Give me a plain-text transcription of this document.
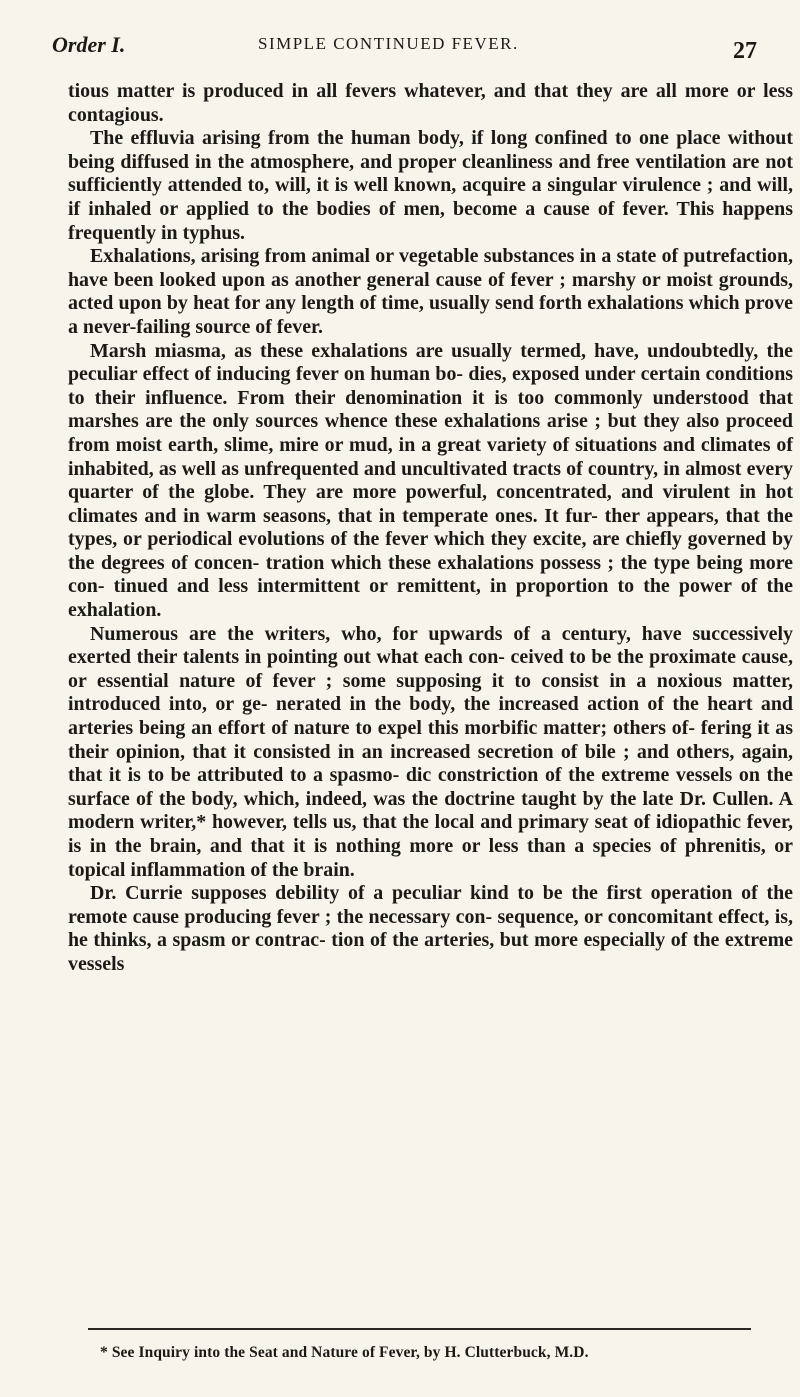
Order I.	SIMPLE CONTINUED FEVER.	27

tious matter is produced in all fevers whatever, and that they are all more or less contagious.

The effluvia arising from the human body, if long confined to one place without being diffused in the atmosphere, and proper cleanliness and free ventilation are not sufficiently attended to, will, it is well known, acquire a singular virulence ; and will, if inhaled or applied to the bodies of men, become a cause of fever. This happens frequently in typhus.

Exhalations, arising from animal or vegetable substances in a state of putrefaction, have been looked upon as another general cause of fever ; marshy or moist grounds, acted upon by heat for any length of time, usually send forth exhalations which prove a never-failing source of fever.

Marsh miasma, as these exhalations are usually termed, have, undoubtedly, the peculiar effect of inducing fever on human bo- dies, exposed under certain conditions to their influence. From their denomination it is too commonly understood that marshes are the only sources whence these exhalations arise ; but they also proceed from moist earth, slime, mire or mud, in a great variety of situations and climates of inhabited, as well as unfrequented and uncultivated tracts of country, in almost every quarter of the globe. They are more powerful, concentrated, and virulent in hot climates and in warm seasons, that in temperate ones. It fur- ther appears, that the types, or periodical evolutions of the fever which they excite, are chiefly governed by the degrees of concen- tration which these exhalations possess ; the type being more con- tinued and less intermittent or remittent, in proportion to the power of the exhalation.

Numerous are the writers, who, for upwards of a century, have successively exerted their talents in pointing out what each con- ceived to be the proximate cause, or essential nature of fever ; some supposing it to consist in a noxious matter, introduced into, or ge- nerated in the body, the increased action of the heart and arteries being an effort of nature to expel this morbific matter; others of- fering it as their opinion, that it consisted in an increased secretion of bile ; and others, again, that it is to be attributed to a spasmo- dic constriction of the extreme vessels on the surface of the body, which, indeed, was the doctrine taught by the late Dr. Cullen. A modern writer,* however, tells us, that the local and primary seat of idiopathic fever, is in the brain, and that it is nothing more or less than a species of phrenitis, or topical inflammation of the brain.

Dr. Currie supposes debility of a peculiar kind to be the first operation of the remote cause producing fever ; the necessary con- sequence, or concomitant effect, is, he thinks, a spasm or contrac- tion of the arteries, but more especially of the extreme vessels

* See Inquiry into the Seat and Nature of Fever, by H. Clutterbuck, M.D.
